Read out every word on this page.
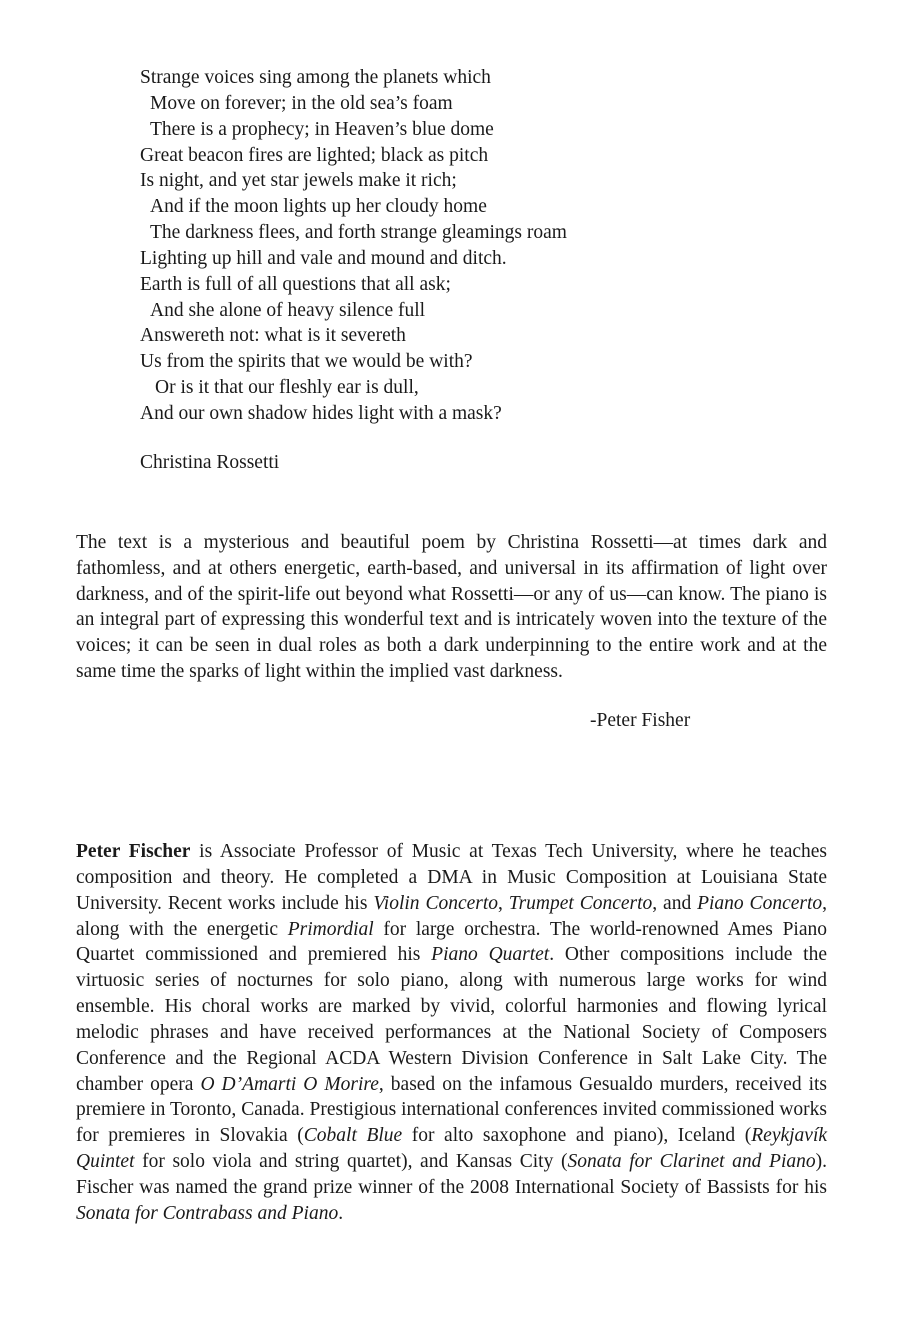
Strange voices sing among the planets which
Move on forever; in the old sea’s foam
There is a prophecy; in Heaven’s blue dome
Great beacon fires are lighted; black as pitch
Is night, and yet star jewels make it rich;
And if the moon lights up her cloudy home
The darkness flees, and forth strange gleamings roam
Lighting up hill and vale and mound and ditch.
Earth is full of all questions that all ask;
And she alone of heavy silence full
Answereth not: what is it severeth
Us from the spirits that we would be with?
Or is it that our fleshly ear is dull,
And our own shadow hides light with a mask?
Christina Rossetti

The text is a mysterious and beautiful poem by Christina Rossetti—at times dark and fathomless, and at others energetic, earth-based, and universal in its affirmation of light over darkness, and of the spirit-life out beyond what Rossetti—or any of us—can know. The piano is an integral part of expressing this wonderful text and is intricately woven into the texture of the voices; it can be seen in dual roles as both a dark underpinning to the entire work and at the same time the sparks of light within the implied vast darkness.

-Peter Fisher

Peter Fischer is Associate Professor of Music at Texas Tech University, where he teaches composition and theory. He completed a DMA in Music Composition at Louisiana State University. Recent works include his Violin Concerto, Trumpet Concerto, and Piano Concerto, along with the energetic Primordial for large orchestra. The world-renowned Ames Piano Quartet commissioned and premiered his Piano Quartet. Other compositions include the virtuosic series of nocturnes for solo piano, along with numerous large works for wind ensemble. His choral works are marked by vivid, colorful harmonies and flowing lyrical melodic phrases and have received performances at the National Society of Composers Conference and the Regional ACDA Western Division Conference in Salt Lake City. The chamber opera O D’Amarti O Morire, based on the infamous Gesualdo murders, received its premiere in Toronto, Canada. Prestigious international conferences invited commissioned works for premieres in Slovakia (Cobalt Blue for alto saxophone and piano), Iceland (Reykjavík Quintet for solo viola and string quartet), and Kansas City (Sonata for Clarinet and Piano). Fischer was named the grand prize winner of the 2008 International Society of Bassists for his Sonata for Contrabass and Piano.
